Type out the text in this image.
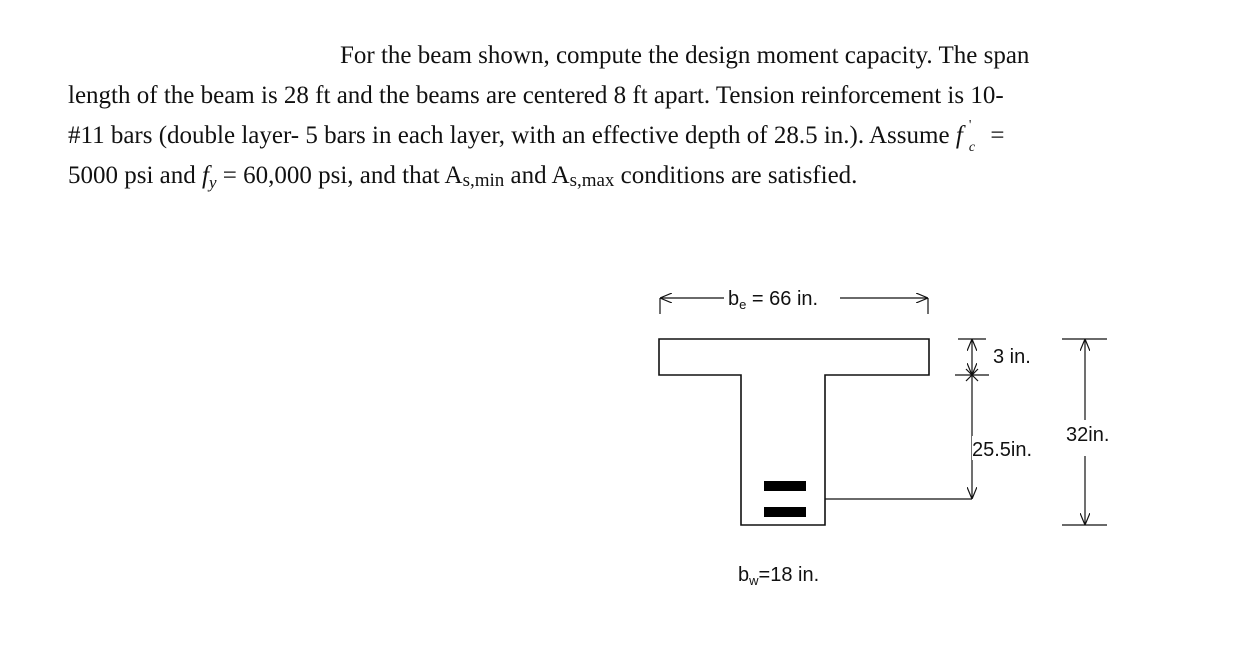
For the beam shown, compute the design moment capacity. The span
length of the beam is 28 ft and the beams are centered 8 ft apart. Tension reinforcement is 10-
#11 bars (double layer- 5 bars in each layer, with an effective depth of 28.5 in.). Assume f '
c =
5000 psi and $f_y = 60,000$ psi, and that As,min and As,max conditions are satisfied.
$b_e = 66$ in.
3 in.
25.5in.
32in.
$b_w=18$ in.
